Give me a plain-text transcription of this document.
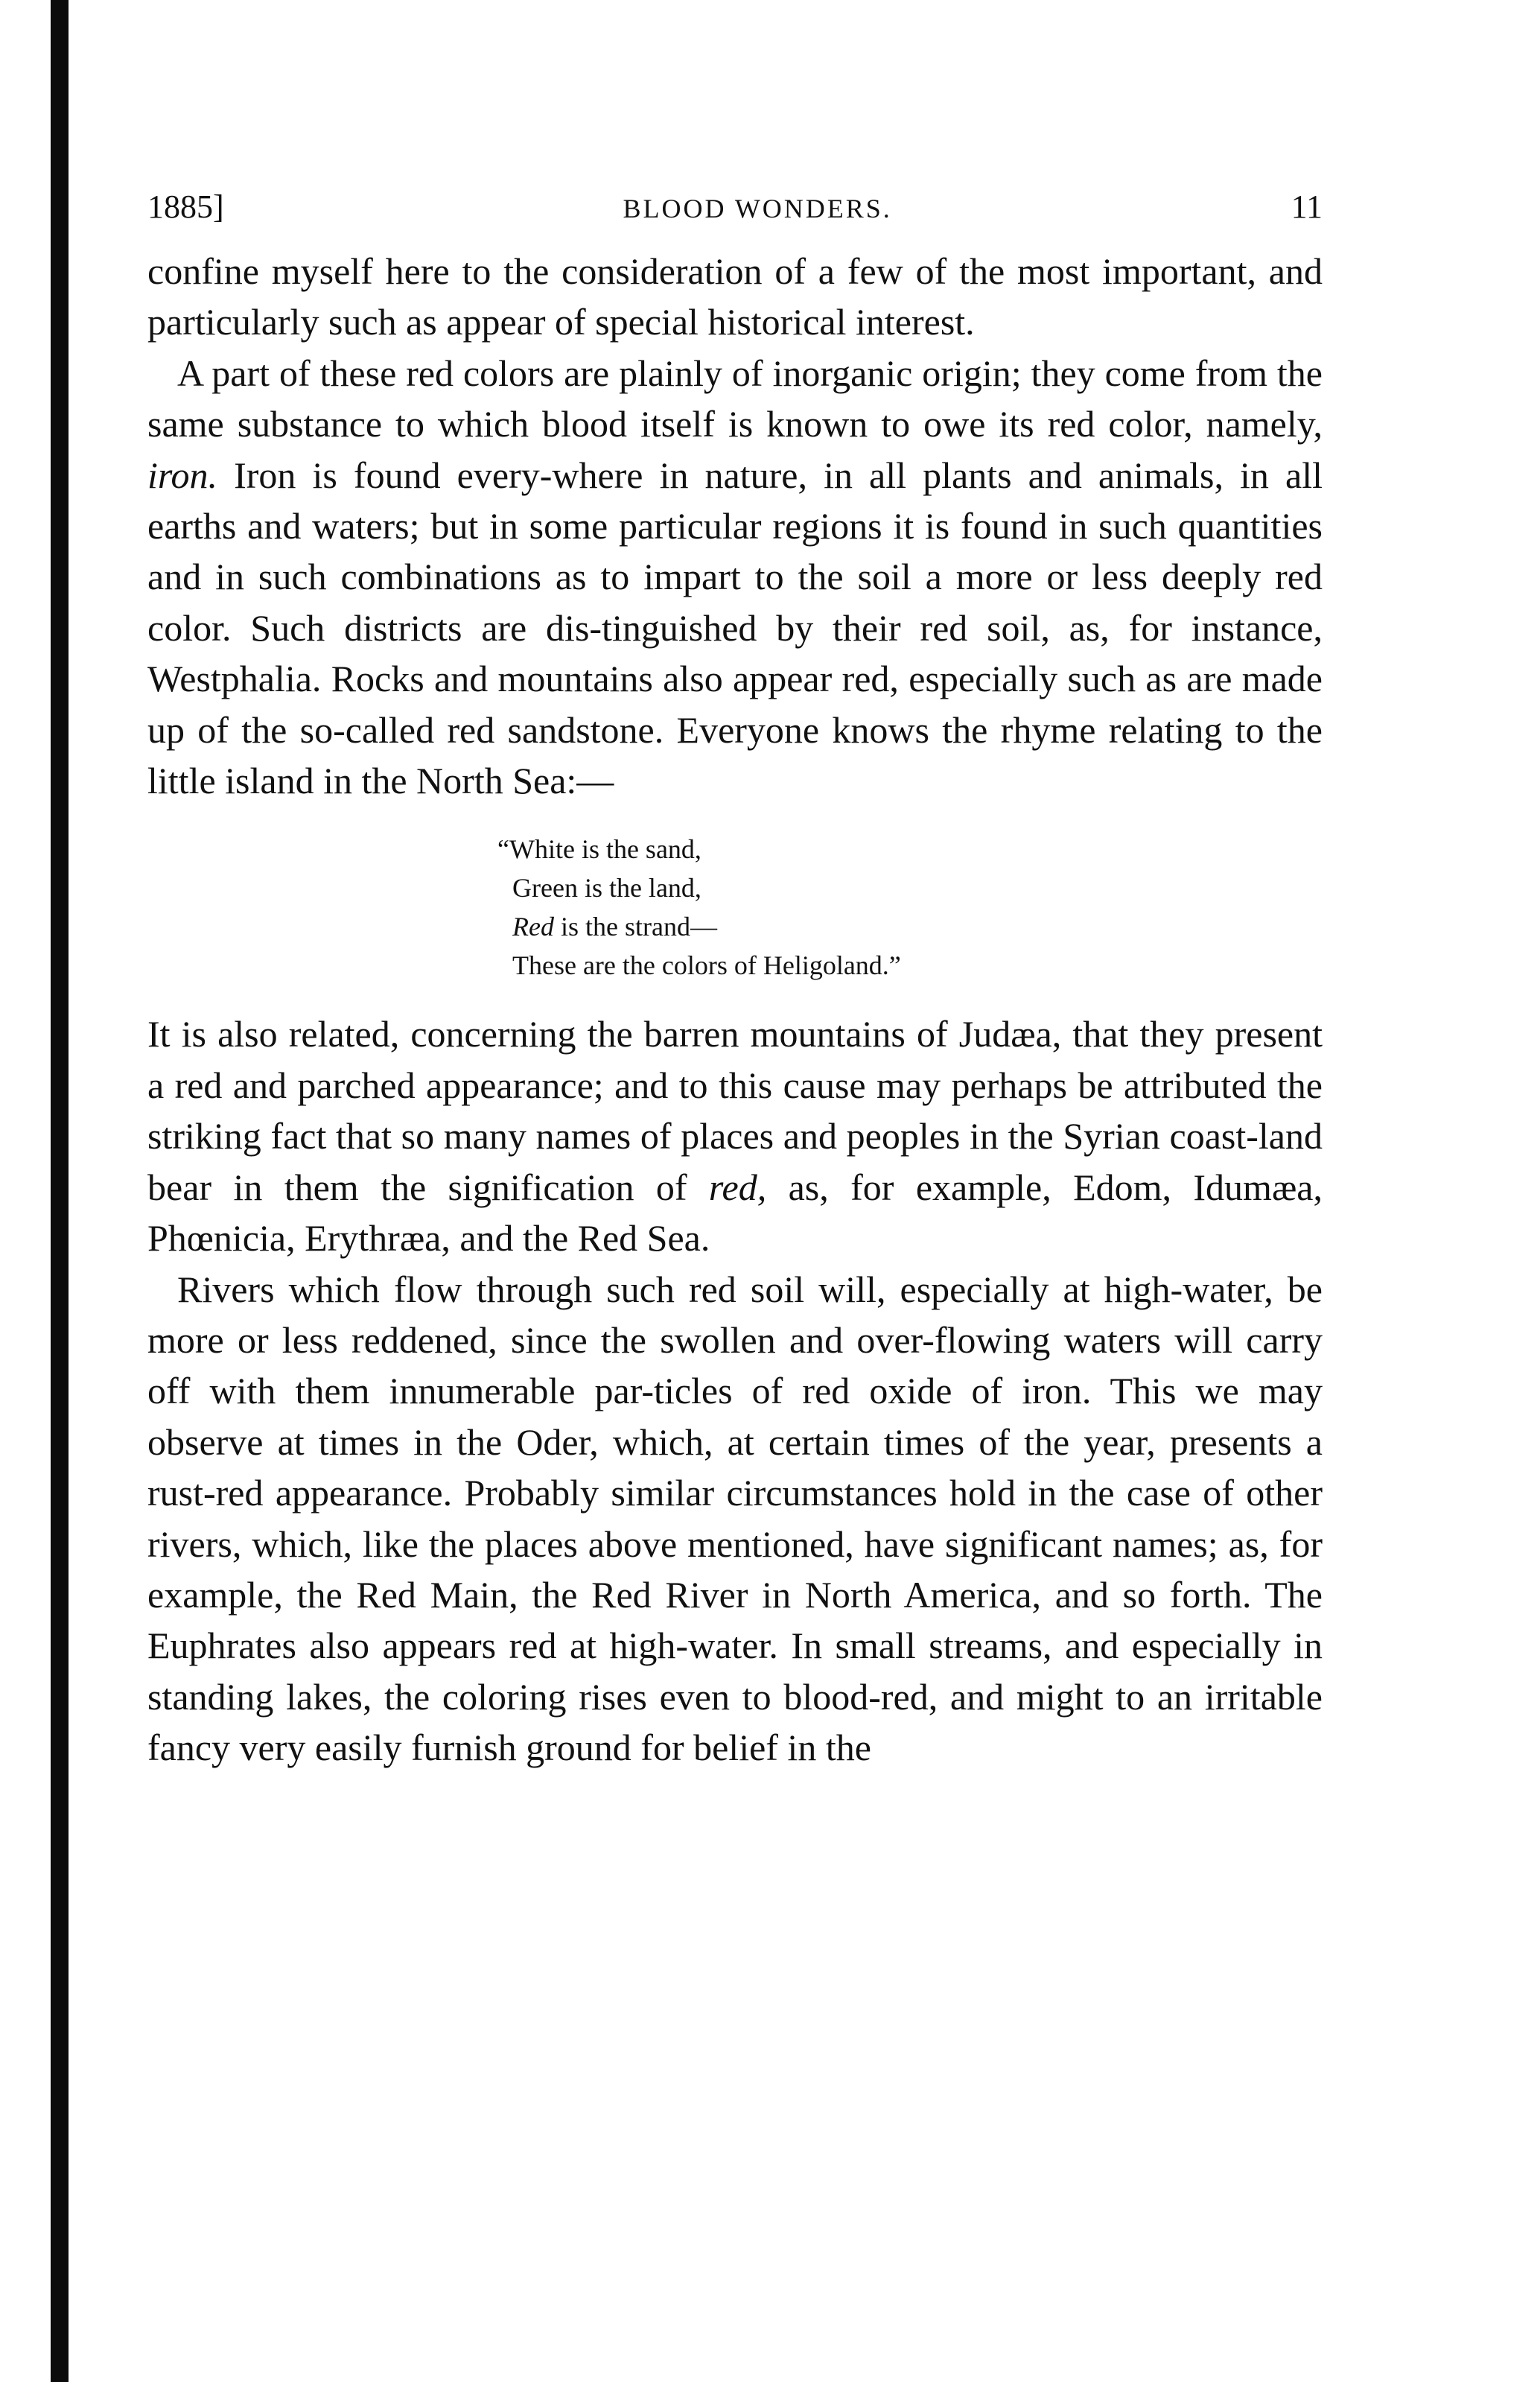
1885]	BLOOD WONDERS.	11

confine myself here to the consideration of a few of the most important, and particularly such as appear of special historical interest.

A part of these red colors are plainly of inorganic origin; they come from the same substance to which blood itself is known to owe its red color, namely, iron. Iron is found every-where in nature, in all plants and animals, in all earths and waters; but in some particular regions it is found in such quantities and in such combinations as to impart to the soil a more or less deeply red color. Such districts are dis-tinguished by their red soil, as, for instance, Westphalia. Rocks and mountains also appear red, especially such as are made up of the so-called red sandstone. Everyone knows the rhyme relating to the little island in the North Sea:—

“White is the sand,
Green is the land,
Red is the strand—
These are the colors of Heligoland.”

It is also related, concerning the barren mountains of Judæa, that they present a red and parched appearance; and to this cause may perhaps be attributed the striking fact that so many names of places and peoples in the Syrian coast-land bear in them the signification of red, as, for example, Edom, Idumæa, Phœnicia, Erythræa, and the Red Sea.

Rivers which flow through such red soil will, especially at high-water, be more or less reddened, since the swollen and over-flowing waters will carry off with them innumerable par-ticles of red oxide of iron. This we may observe at times in the Oder, which, at certain times of the year, presents a rust-red appearance. Probably similar circumstances hold in the case of other rivers, which, like the places above mentioned, have significant names; as, for example, the Red Main, the Red River in North America, and so forth. The Euphrates also appears red at high-water. In small streams, and especially in standing lakes, the coloring rises even to blood-red, and might to an irritable fancy very easily furnish ground for belief in the
